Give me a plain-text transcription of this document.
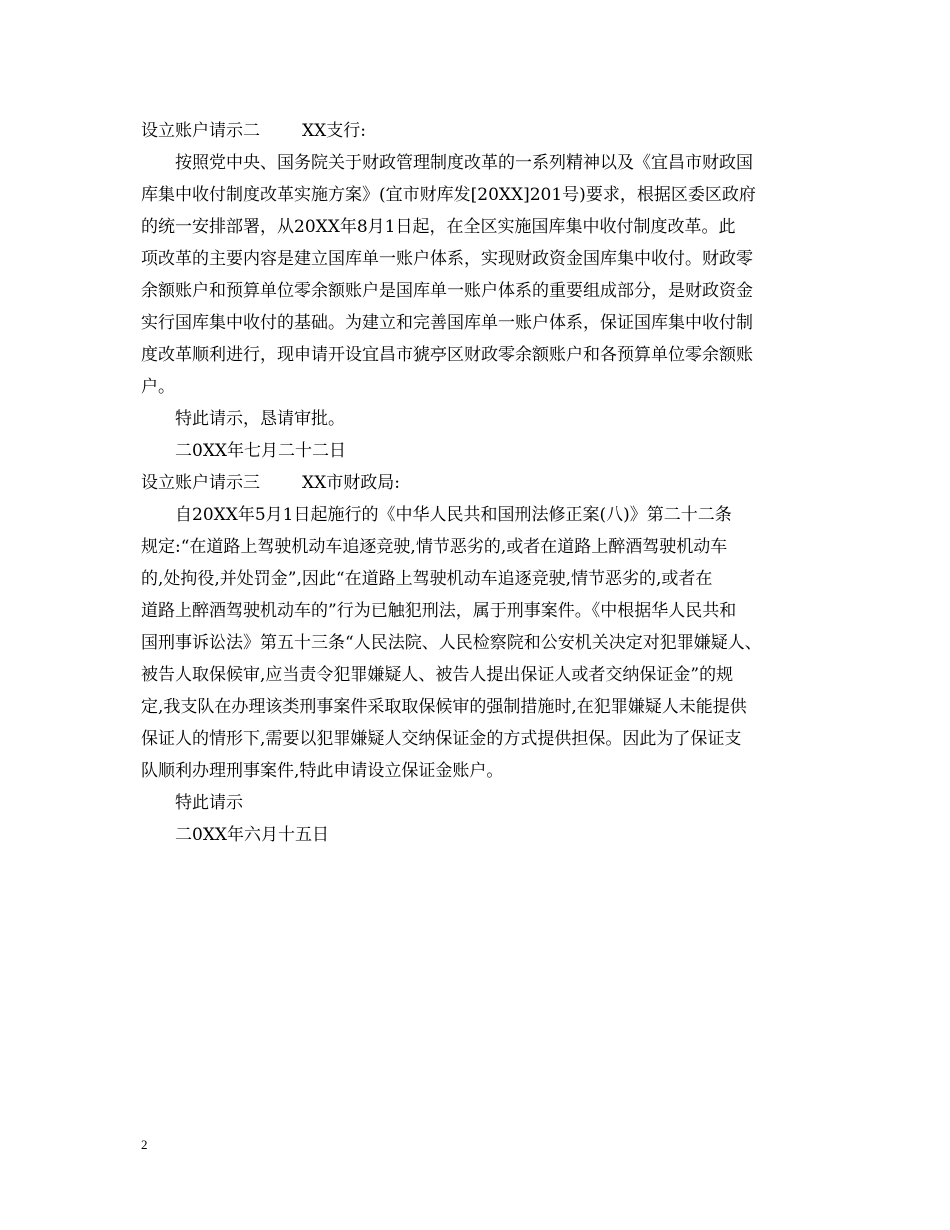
设立账户请示二 XX支行:
按照党中央、国务院关于财政管理制度改革的一系列精神以及《宜昌市财政国
库集中收付制度改革实施方案》(宜市财库发[20XX]201号)要求，根据区委区政府
的统一安排部署，从20XX年8月1日起，在全区实施国库集中收付制度改革。此
项改革的主要内容是建立国库单一账户体系，实现财政资金国库集中收付。财政零
余额账户和预算单位零余额账户是国库单一账户体系的重要组成部分，是财政资金
实行国库集中收付的基础。为建立和完善国库单一账户体系，保证国库集中收付制
度改革顺利进行，现申请开设宜昌市猇亭区财政零余额账户和各预算单位零余额账
户。
特此请示，恳请审批。
二0XX年七月二十二日
设立账户请示三 XX市财政局:
自20XX年5月1日起施行的《中华人民共和国刑法修正案(八)》第二十二条
规定:“在道路上驾驶机动车追逐竞驶,情节恶劣的,或者在道路上醉酒驾驶机动车
的,处拘役,并处罚金”,因此“在道路上驾驶机动车追逐竞驶,情节恶劣的,或者在
道路上醉酒驾驶机动车的”行为已触犯刑法，属于刑事案件。《中根据华人民共和
国刑事诉讼法》第五十三条“人民法院、人民检察院和公安机关决定对犯罪嫌疑人、
被告人取保候审,应当责令犯罪嫌疑人、被告人提出保证人或者交纳保证金”的规
定,我支队在办理该类刑事案件采取取保候审的强制措施时,在犯罪嫌疑人未能提供
保证人的情形下,需要以犯罪嫌疑人交纳保证金的方式提供担保。因此为了保证支
队顺利办理刑事案件,特此申请设立保证金账户。
特此请示
二0XX年六月十五日
2
